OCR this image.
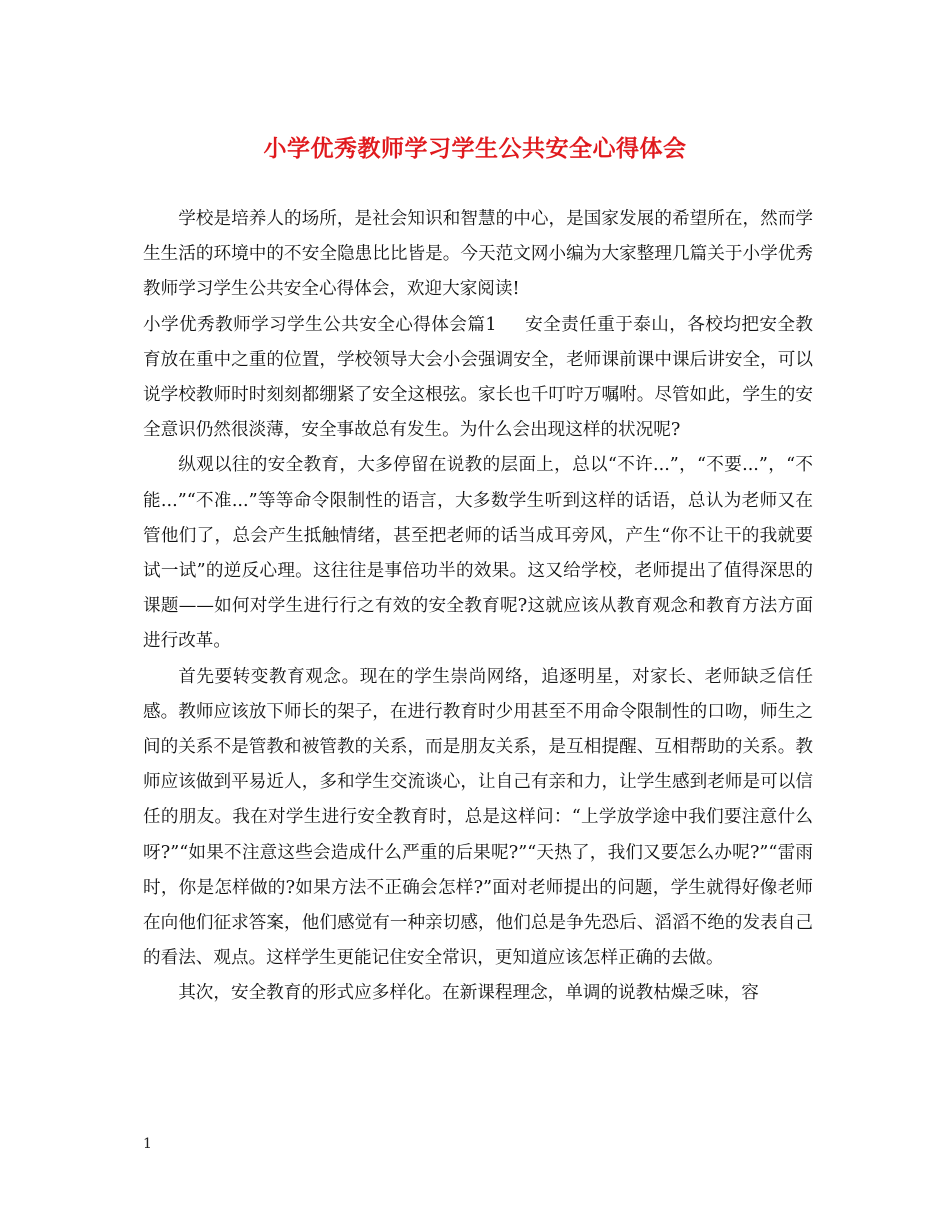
小学优秀教师学习学生公共安全心得体会

学校是培养人的场所，是社会知识和智慧的中心，是国家发展的希望所在，然而学生生活的环境中的不安全隐患比比皆是。今天范文网小编为大家整理几篇关于小学优秀教师学习学生公共安全心得体会，欢迎大家阅读!

小学优秀教师学习学生公共安全心得体会篇1 安全责任重于泰山，各校均把安全教育放在重中之重的位置，学校领导大会小会强调安全，老师课前课中课后讲安全，可以说学校教师时时刻刻都绷紧了安全这根弦。家长也千叮咛万嘱咐。尽管如此，学生的安全意识仍然很淡薄，安全事故总有发生。为什么会出现这样的状况呢?

纵观以往的安全教育，大多停留在说教的层面上，总以“不许...”，“不要...”，“不能...”“不准...”等等命令限制性的语言，大多数学生听到这样的话语，总认为老师又在管他们了，总会产生抵触情绪，甚至把老师的话当成耳旁风，产生“你不让干的我就要试一试”的逆反心理。这往往是事倍功半的效果。这又给学校，老师提出了值得深思的课题——如何对学生进行行之有效的安全教育呢?这就应该从教育观念和教育方法方面进行改革。

首先要转变教育观念。现在的学生崇尚网络，追逐明星，对家长、老师缺乏信任感。教师应该放下师长的架子，在进行教育时少用甚至不用命令限制性的口吻，师生之间的关系不是管教和被管教的关系，而是朋友关系，是互相提醒、互相帮助的关系。教师应该做到平易近人，多和学生交流谈心，让自己有亲和力，让学生感到老师是可以信任的朋友。我在对学生进行安全教育时，总是这样问：“上学放学途中我们要注意什么呀?”“如果不注意这些会造成什么严重的后果呢?”“天热了，我们又要怎么办呢?”“雷雨时，你是怎样做的?如果方法不正确会怎样?”面对老师提出的问题，学生就得好像老师在向他们征求答案，他们感觉有一种亲切感，他们总是争先恐后、滔滔不绝的发表自己的看法、观点。这样学生更能记住安全常识，更知道应该怎样正确的去做。

其次，安全教育的形式应多样化。在新课程理念，单调的说教枯燥乏味，容

1
